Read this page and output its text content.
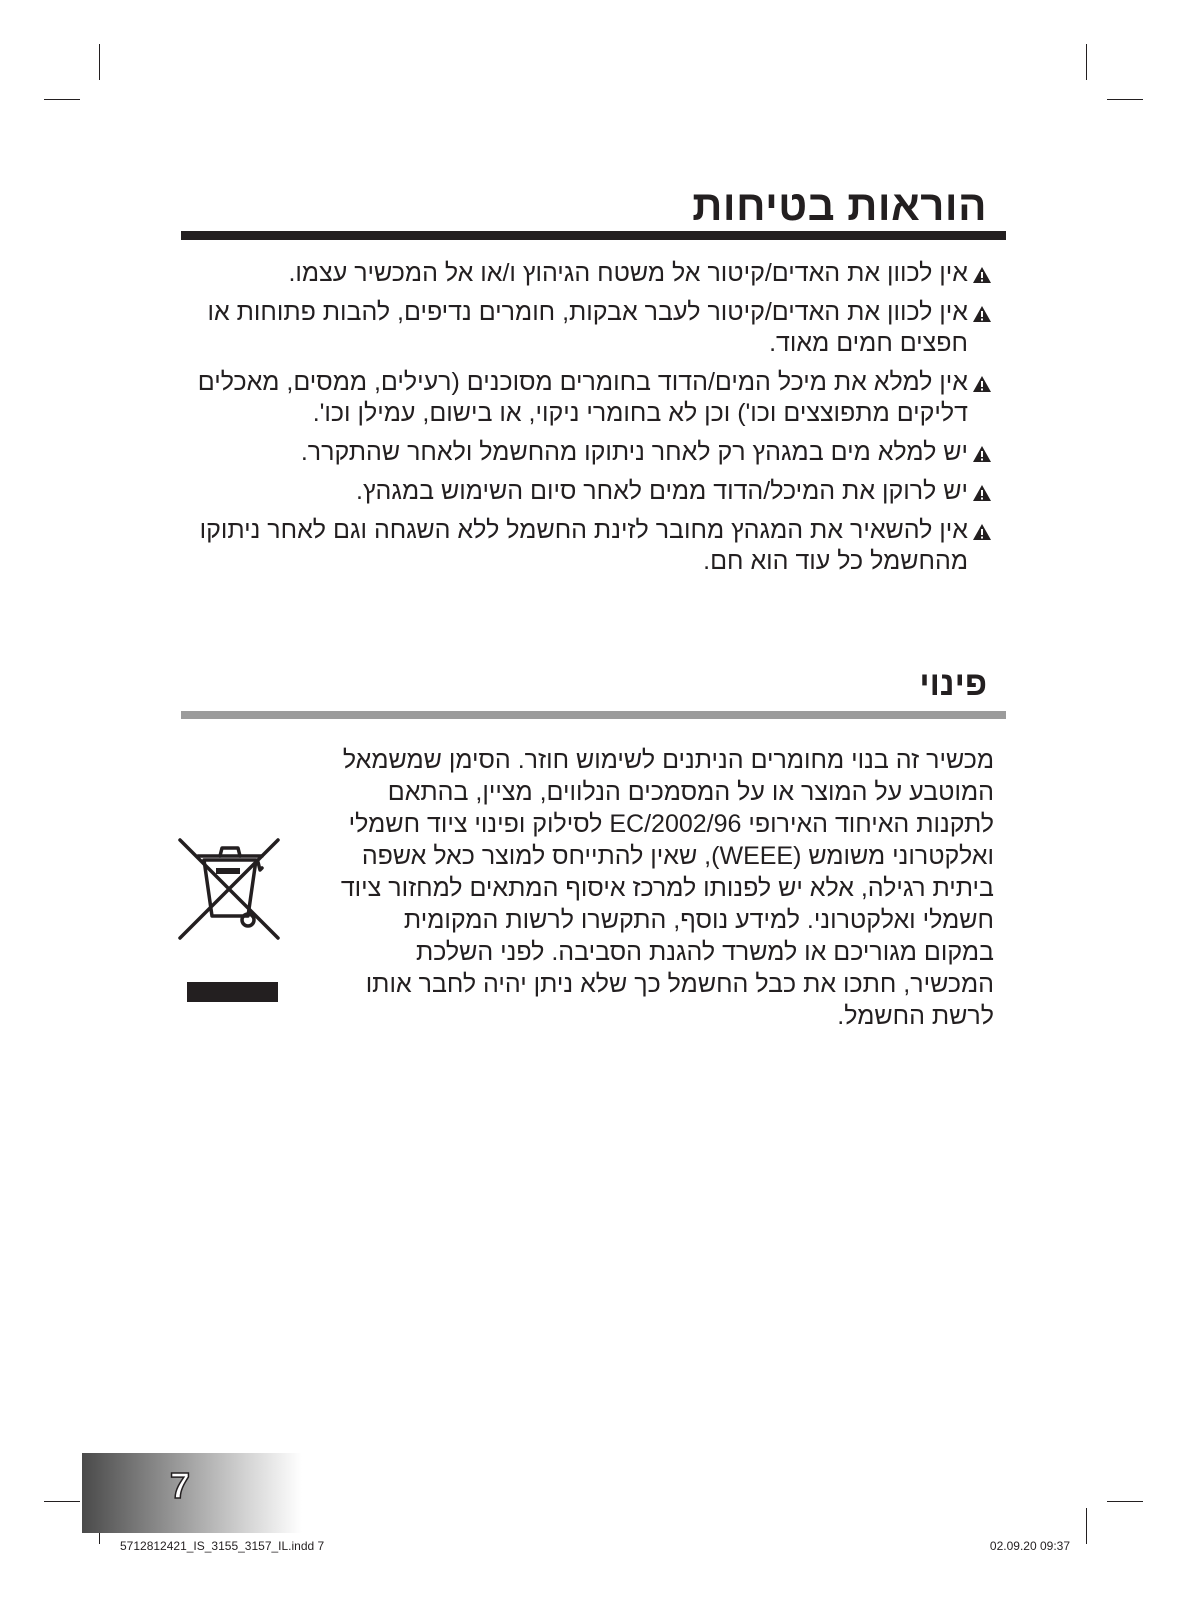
הוראות בטיחות
אין לכוון את האדים/קיטור אל משטח הגיהוץ ו/או אל המכשיר עצמו.
אין לכוון את האדים/קיטור לעבר אבקות, חומרים נדיפים, להבות פתוחות או חפצים חמים מאוד.
אין למלא את מיכל המים/הדוד בחומרים מסוכנים (רעילים, ממסים, מאכלים דליקים מתפוצצים וכו') וכן לא בחומרי ניקוי, או בישום, עמילן וכו'.
יש למלא מים במגהץ רק לאחר ניתוקו מהחשמל ולאחר שהתקרר.
יש לרוקן את המיכל/הדוד ממים לאחר סיום השימוש במגהץ.
אין להשאיר את המגהץ מחובר לזינת החשמל ללא השגחה וגם לאחר ניתוקו מהחשמל כל עוד הוא חם.
פינוי

מכשיר זה בנוי מחומרים הניתנים לשימוש חוזר. הסימן שמשמאל המוטבע על המוצר או על המסמכים הנלווים, מציין, בהתאם לתקנות האיחוד האירופי EC/2002/96 לסילוק ופינוי ציוד חשמלי ואלקטרוני משומש (WEEE), שאין להתייחס למוצר כאל אשפה ביתית רגילה, אלא יש לפנותו למרכז איסוף המתאים למחזור ציוד חשמלי ואלקטרוני. למידע נוסף, התקשרו לרשות המקומית במקום מגוריכם או למשרד להגנת הסביבה. לפני השלכת המכשיר, חתכו את כבל החשמל כך שלא ניתן יהיה לחבר אותו לרשת החשמל.

7
5712812421_IS_3155_3157_IL.indd 7	02.09.20 09:37
